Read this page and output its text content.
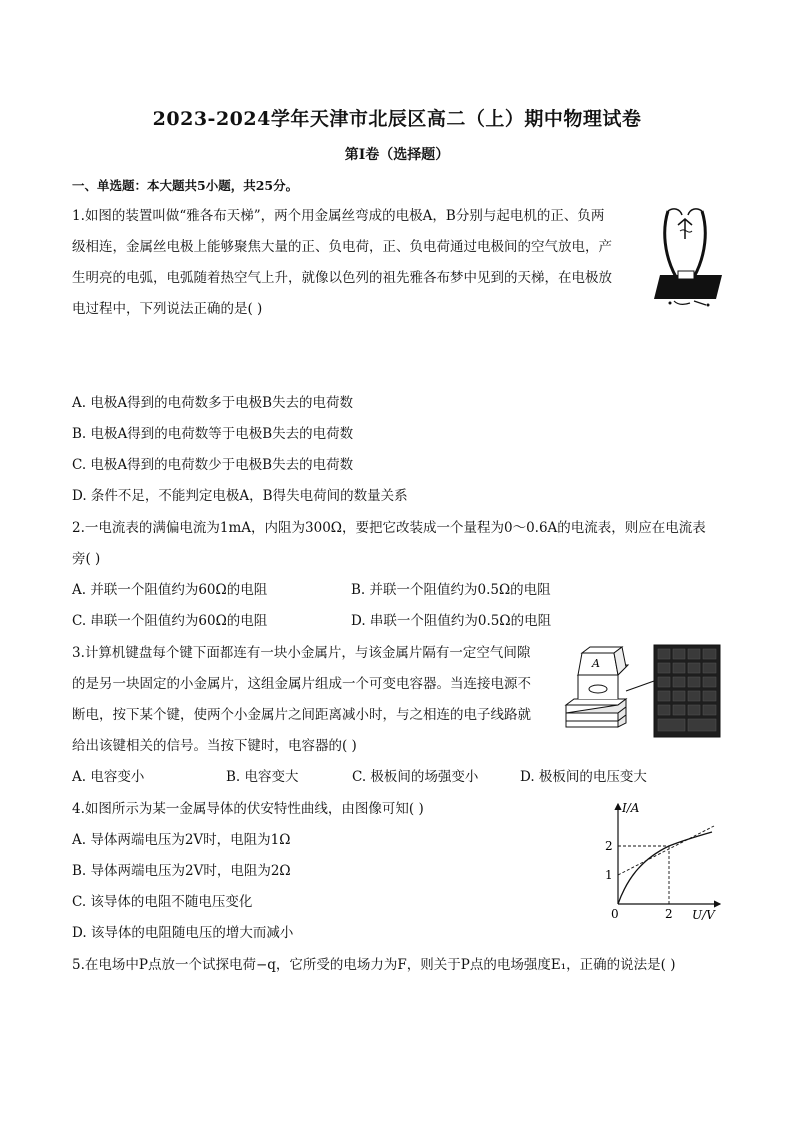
2023-2024学年天津市北辰区高二（上）期中物理试卷
第I卷（选择题）
一、单选题：本大题共5小题，共25分。
1.如图的装置叫做“雅各布天梯”，两个用金属丝弯成的电极A，B分别与起电机的正、负两
级相连，金属丝电极上能够聚焦大量的正、负电荷，正、负电荷通过电极间的空气放电，产
生明亮的电弧，电弧随着热空气上升，就像以色列的祖先雅各布梦中见到的天梯，在电极放
电过程中，下列说法正确的是( )
A. 电极A得到的电荷数多于电极B失去的电荷数
B. 电极A得到的电荷数等于电极B失去的电荷数
C. 电极A得到的电荷数少于电极B失去的电荷数
D. 条件不足，不能判定电极A，B得失电荷间的数量关系
2.一电流表的满偏电流为1mA，内阻为300Ω，要把它改装成一个量程为0～0.6A的电流表，则应在电流表
旁( )
A. 并联一个阻值约为60Ω的电阻	B. 并联一个阻值约为0.5Ω的电阻
C. 串联一个阻值约为60Ω的电阻	D. 串联一个阻值约为0.5Ω的电阻
3.计算机键盘每个键下面都连有一块小金属片，与该金属片隔有一定空气间隙
的是另一块固定的小金属片，这组金属片组成一个可变电容器。当连接电源不
断电，按下某个键，使两个小金属片之间距离减小时，与之相连的电子线路就
给出该键相关的信号。当按下键时，电容器的( )
A
A. 电容变小	B. 电容变大	C. 极板间的场强变小	D. 极板间的电压变大
4.如图所示为某一金属导体的伏安特性曲线，由图像可知( )
A. 导体两端电压为2V时，电阻为1Ω
B. 导体两端电压为2V时，电阻为2Ω
C. 该导体的电阻不随电压变化
D. 该导体的电阻随电压的增大而减小
I/A
U/V
0	2
1
2
5.在电场中P点放一个试探电荷−q，它所受的电场力为F，则关于P点的电场强度E₁，正确的说法是( )
